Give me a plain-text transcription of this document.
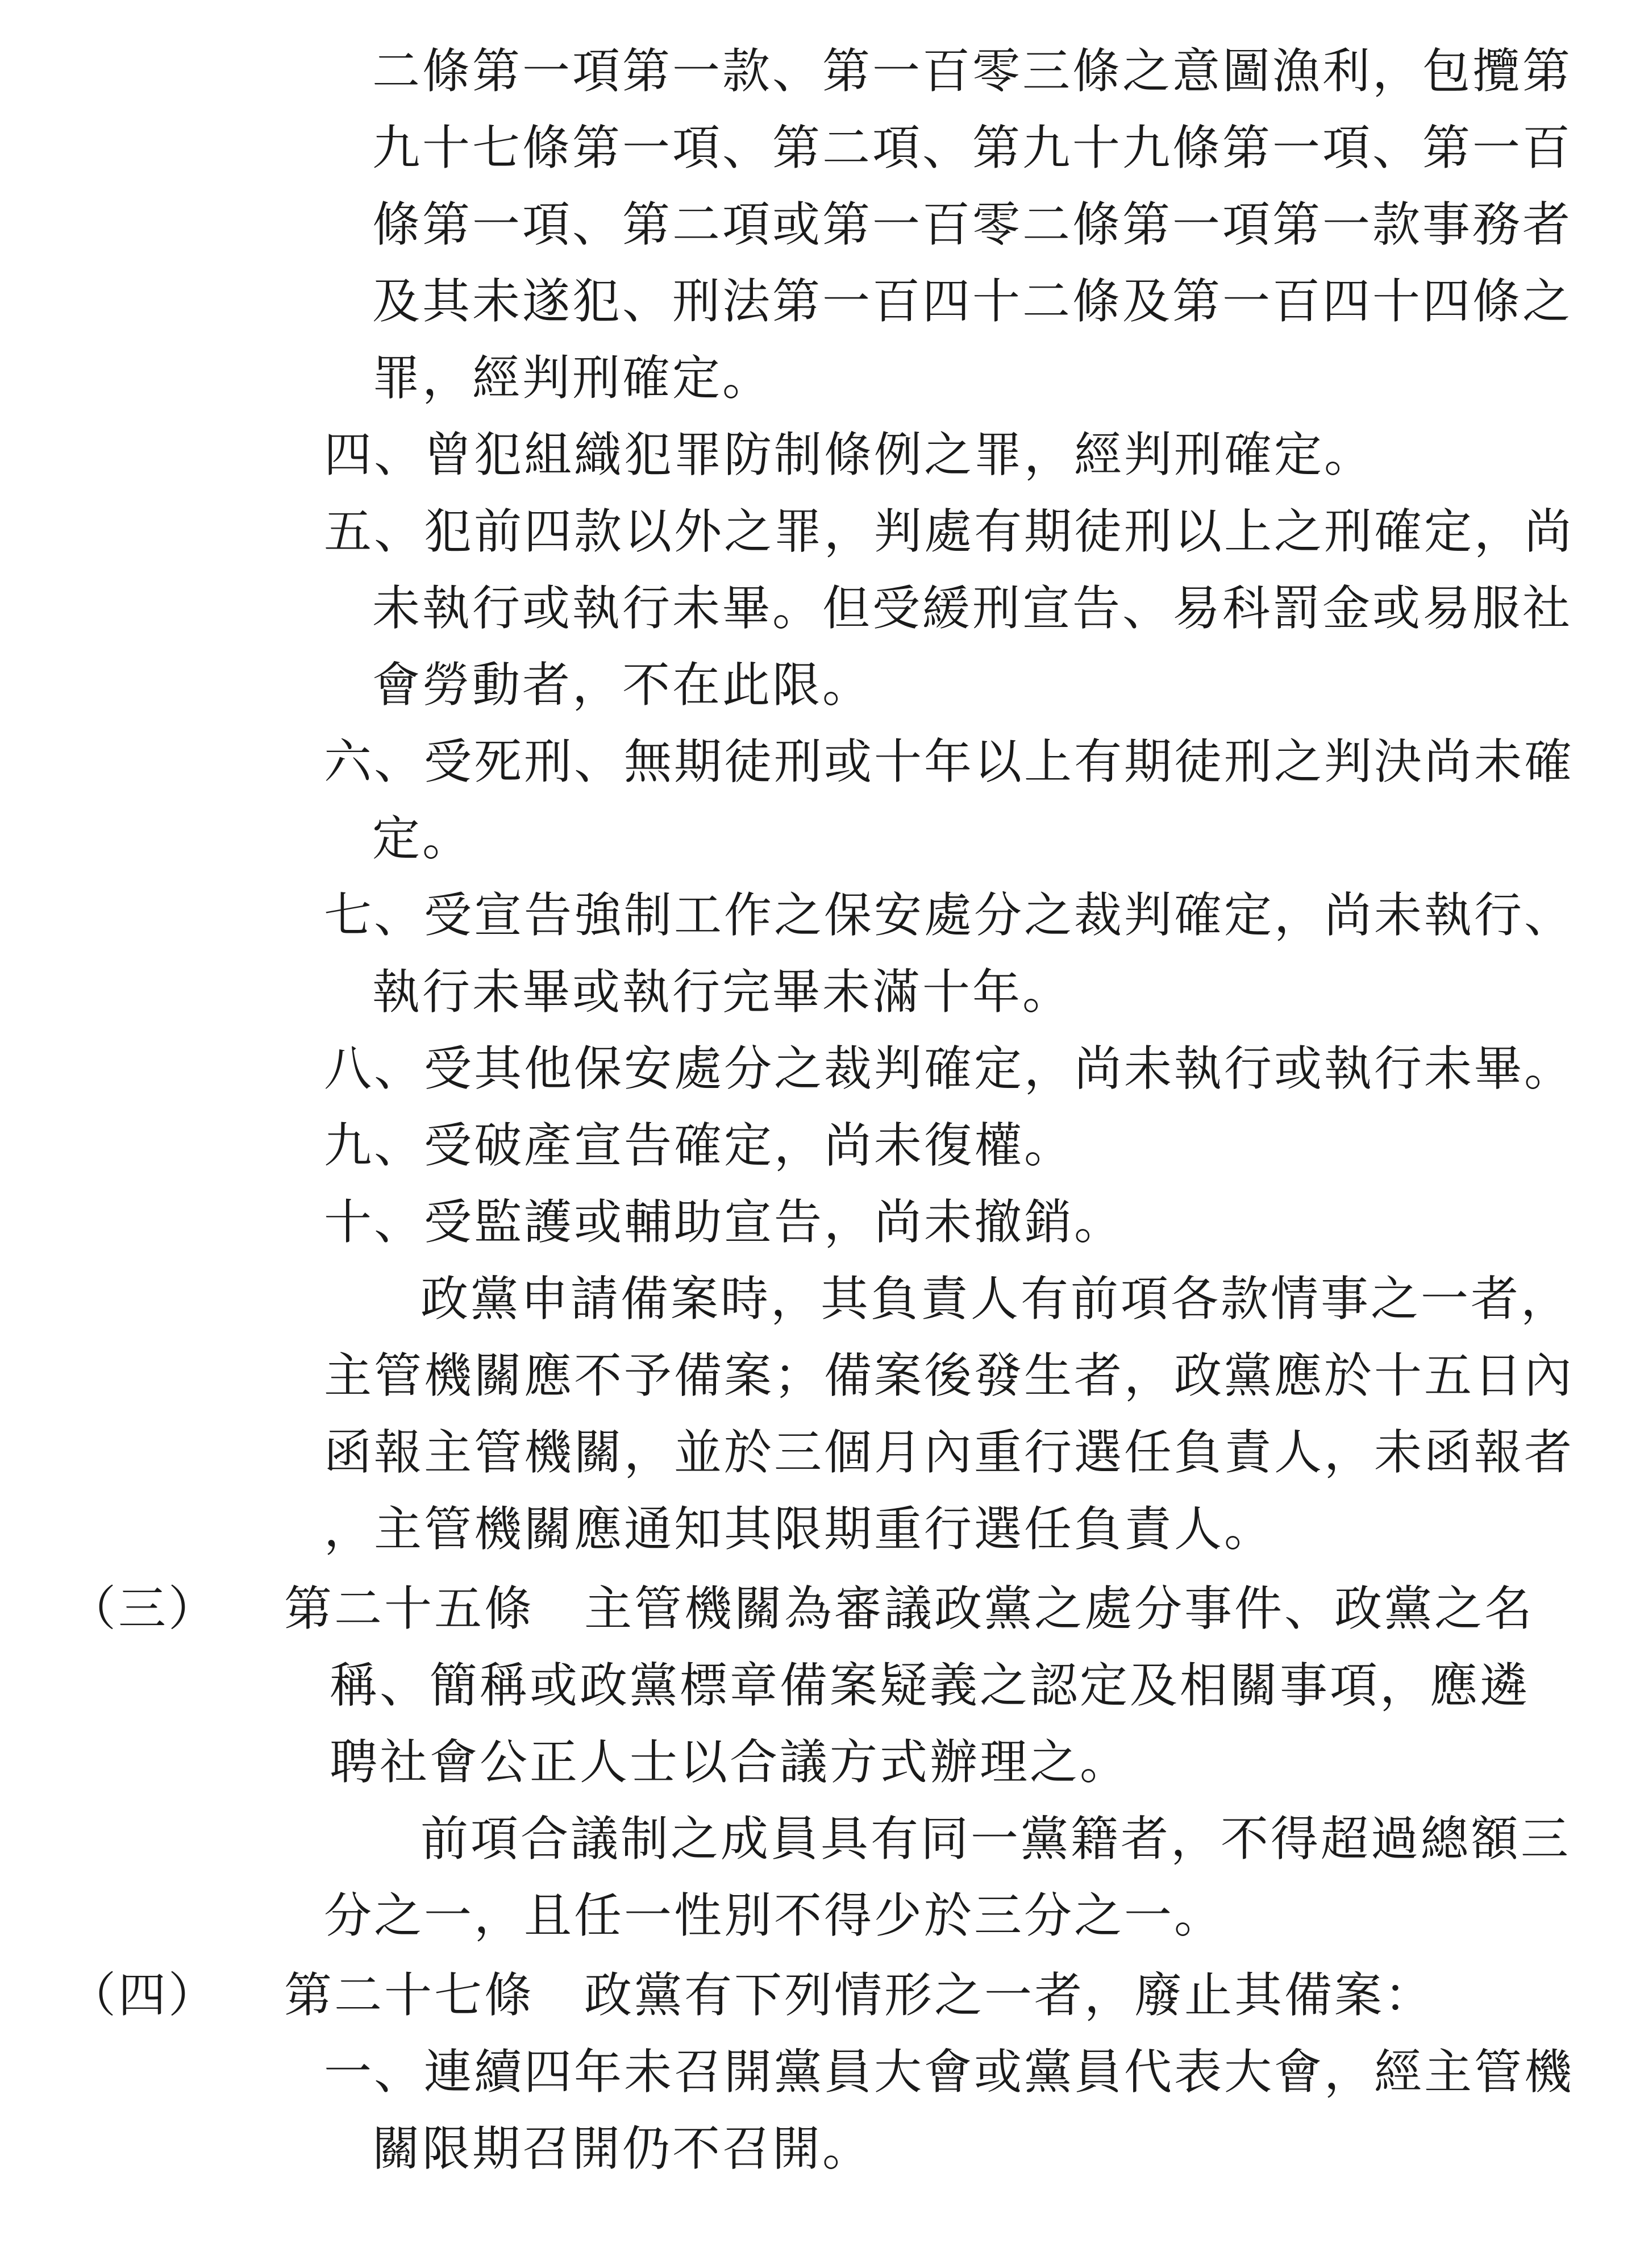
二條第一項第一款、第一百零三條之意圖漁利，包攬第
九十七條第一項、第二項、第九十九條第一項、第一百
條第一項、第二項或第一百零二條第一項第一款事務者
及其未遂犯、刑法第一百四十二條及第一百四十四條之
罪，經判刑確定。
四、曾犯組織犯罪防制條例之罪，經判刑確定。
五、犯前四款以外之罪，判處有期徒刑以上之刑確定，尚
未執行或執行未畢。但受緩刑宣告、易科罰金或易服社
會勞動者，不在此限。
六、受死刑、無期徒刑或十年以上有期徒刑之判決尚未確
定。
七、受宣告強制工作之保安處分之裁判確定，尚未執行、
執行未畢或執行完畢未滿十年。
八、受其他保安處分之裁判確定，尚未執行或執行未畢。
九、受破產宣告確定，尚未復權。
十、受監護或輔助宣告，尚未撤銷。
政黨申請備案時，其負責人有前項各款情事之一者，
主管機關應不予備案；備案後發生者，政黨應於十五日內
函報主管機關，並於三個月內重行選任負責人，未函報者
，主管機關應通知其限期重行選任負責人。
（三） 第二十五條　主管機關為審議政黨之處分事件、政黨之名
稱、簡稱或政黨標章備案疑義之認定及相關事項，應遴
聘社會公正人士以合議方式辦理之。
前項合議制之成員具有同一黨籍者，不得超過總額三
分之一，且任一性別不得少於三分之一。
（四） 第二十七條　政黨有下列情形之一者，廢止其備案：
一、連續四年未召開黨員大會或黨員代表大會，經主管機
關限期召開仍不召開。
